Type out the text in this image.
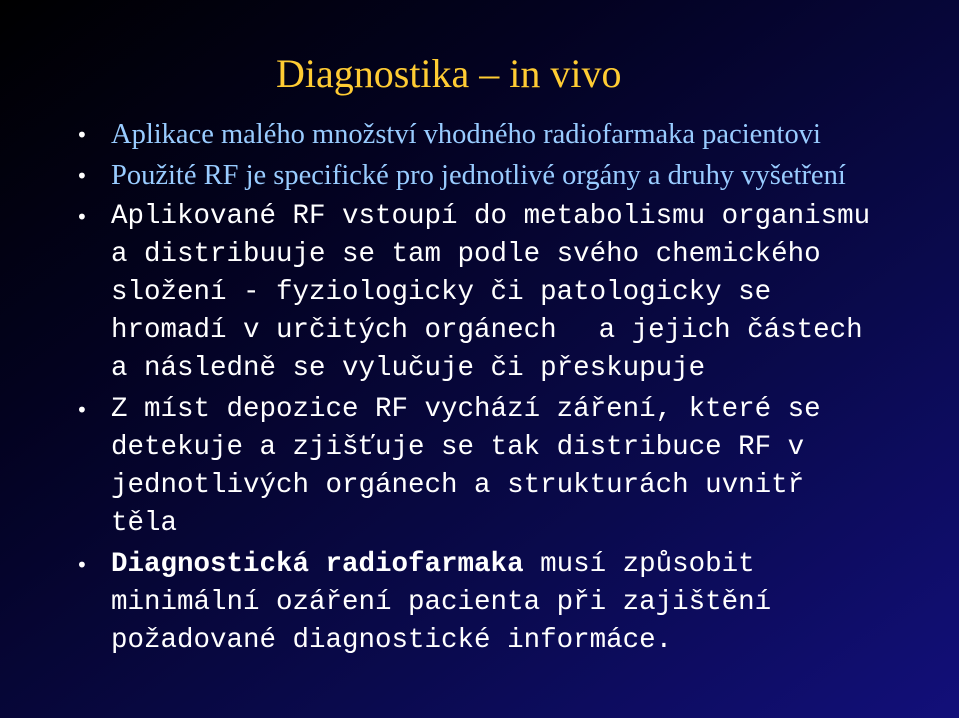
Diagnostika – in vivo
• Aplikace malého množství vhodného radiofarmaka pacientovi
• Použité RF je specifické pro jednotlivé orgány a druhy vyšetření
• Aplikované RF vstoupí do metabolismu organismu a distribuuje se tam podle svého chemického složení - fyziologicky či patologicky se hromadí v určitých orgánech a jejich částech a následně se vylučuje či přeskupuje
• Z míst depozice RF vychází záření, které se detekuje a zjišťuje se tak distribuce RF v jednotlivých orgánech a strukturách uvnitř těla
• Diagnostická radiofarmaka musí způsobit minimální ozáření pacienta při zajištění požadované diagnostické informáce.
